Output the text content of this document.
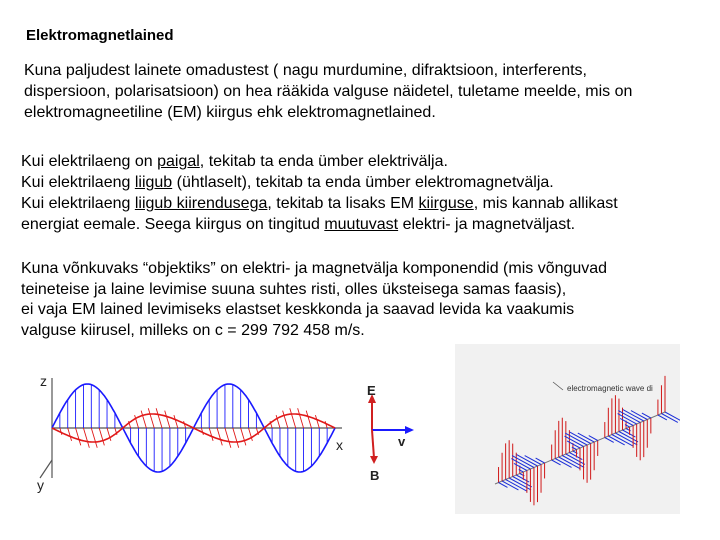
Elektromagnetlained
Kuna paljudest lainete omadustest ( nagu murdumine, difraktsioon, interferents,
dispersioon, polarisatsioon) on hea rääkida valguse näidetel, tuletame meelde, mis on
elektromagneetiline (EM) kiirgus ehk elektromagnetlained.
Kui elektrilaeng on paigal, tekitab ta enda ümber elektrivälja.
Kui elektrilaeng liigub (ühtlaselt), tekitab ta enda ümber elektromagnetvälja.
Kui elektrilaeng liigub kiirendusega, tekitab ta lisaks EM kiirguse, mis kannab allikast
energiat eemale. Seega kiirgus on tingitud muutuvast elektri- ja magnetväljast.
Kuna võnkuvaks “objektiks” on elektri- ja magnetvälja komponendid (mis võnguvad
teineteise ja laine levimise suuna suhtes risti, olles üksteisega samas faasis),
ei vaja EM lained levimiseks elastset keskkonda ja saavad levida ka vaakumis
valguse kiirusel, milleks on c = 299 792 458 m/s.
z
y
x
E
v
B
electromagnetic wave di
